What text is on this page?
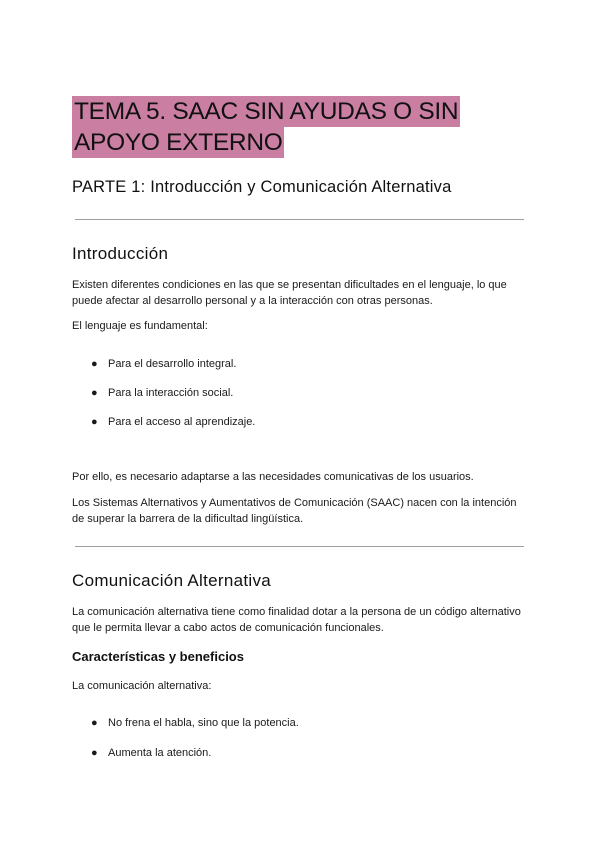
TEMA 5. SAAC SIN AYUDAS O SIN
APOYO EXTERNO
PARTE 1: Introducción y Comunicación Alternativa
Introducción
Existen diferentes condiciones en las que se presentan dificultades en el lenguaje, lo que
puede afectar al desarrollo personal y a la interacción con otras personas.
El lenguaje es fundamental:
● Para el desarrollo integral.
● Para la interacción social.
● Para el acceso al aprendizaje.
Por ello, es necesario adaptarse a las necesidades comunicativas de los usuarios.
Los Sistemas Alternativos y Aumentativos de Comunicación (SAAC) nacen con la intención
de superar la barrera de la dificultad lingüística.
Comunicación Alternativa
La comunicación alternativa tiene como finalidad dotar a la persona de un código alternativo
que le permita llevar a cabo actos de comunicación funcionales.
Características y beneficios
La comunicación alternativa:
● No frena el habla, sino que la potencia.
● Aumenta la atención.
